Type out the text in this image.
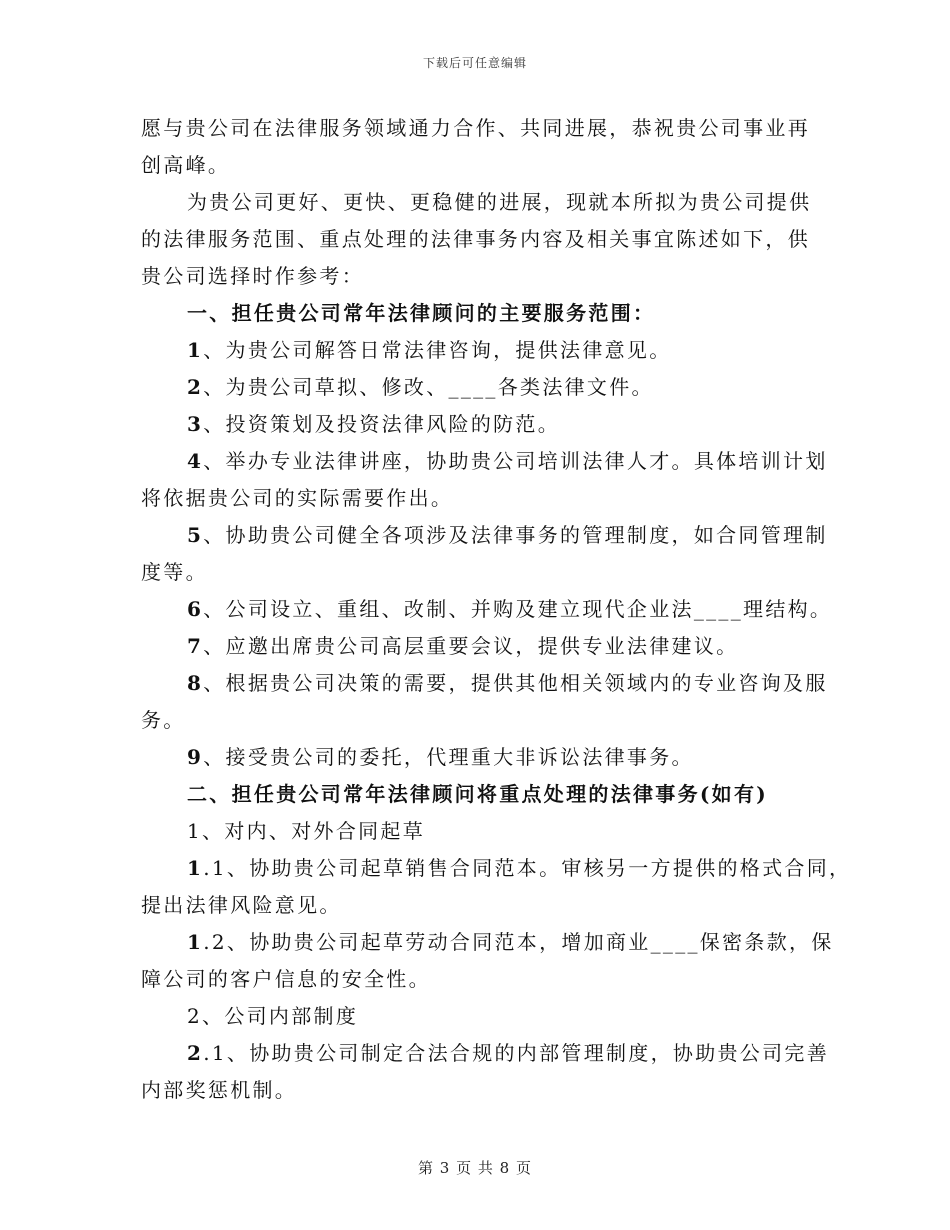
下载后可任意编辑

愿与贵公司在法律服务领域通力合作、共同进展，恭祝贵公司事业再
创高峰。

为贵公司更好、更快、更稳健的进展，现就本所拟为贵公司提供
的法律服务范围、重点处理的法律事务内容及相关事宜陈述如下，供
贵公司选择时作参考：

一、担任贵公司常年法律顾问的主要服务范围：

1、为贵公司解答日常法律咨询，提供法律意见。

2、为贵公司草拟、修改、____各类法律文件。

3、投资策划及投资法律风险的防范。

4、举办专业法律讲座，协助贵公司培训法律人才。具体培训计划
将依据贵公司的实际需要作出。

5、协助贵公司健全各项涉及法律事务的管理制度，如合同管理制
度等。

6、公司设立、重组、改制、并购及建立现代企业法____理结构。

7、应邀出席贵公司高层重要会议，提供专业法律建议。

8、根据贵公司决策的需要，提供其他相关领域内的专业咨询及服
务。

9、接受贵公司的委托，代理重大非诉讼法律事务。

二、担任贵公司常年法律顾问将重点处理的法律事务(如有)

1、对内、对外合同起草

1.1、协助贵公司起草销售合同范本。审核另一方提供的格式合同，
提出法律风险意见。

1.2、协助贵公司起草劳动合同范本，增加商业____保密条款，保
障公司的客户信息的安全性。

2、公司内部制度

2.1、协助贵公司制定合法合规的内部管理制度，协助贵公司完善
内部奖惩机制。

第 3 页 共 8 页
